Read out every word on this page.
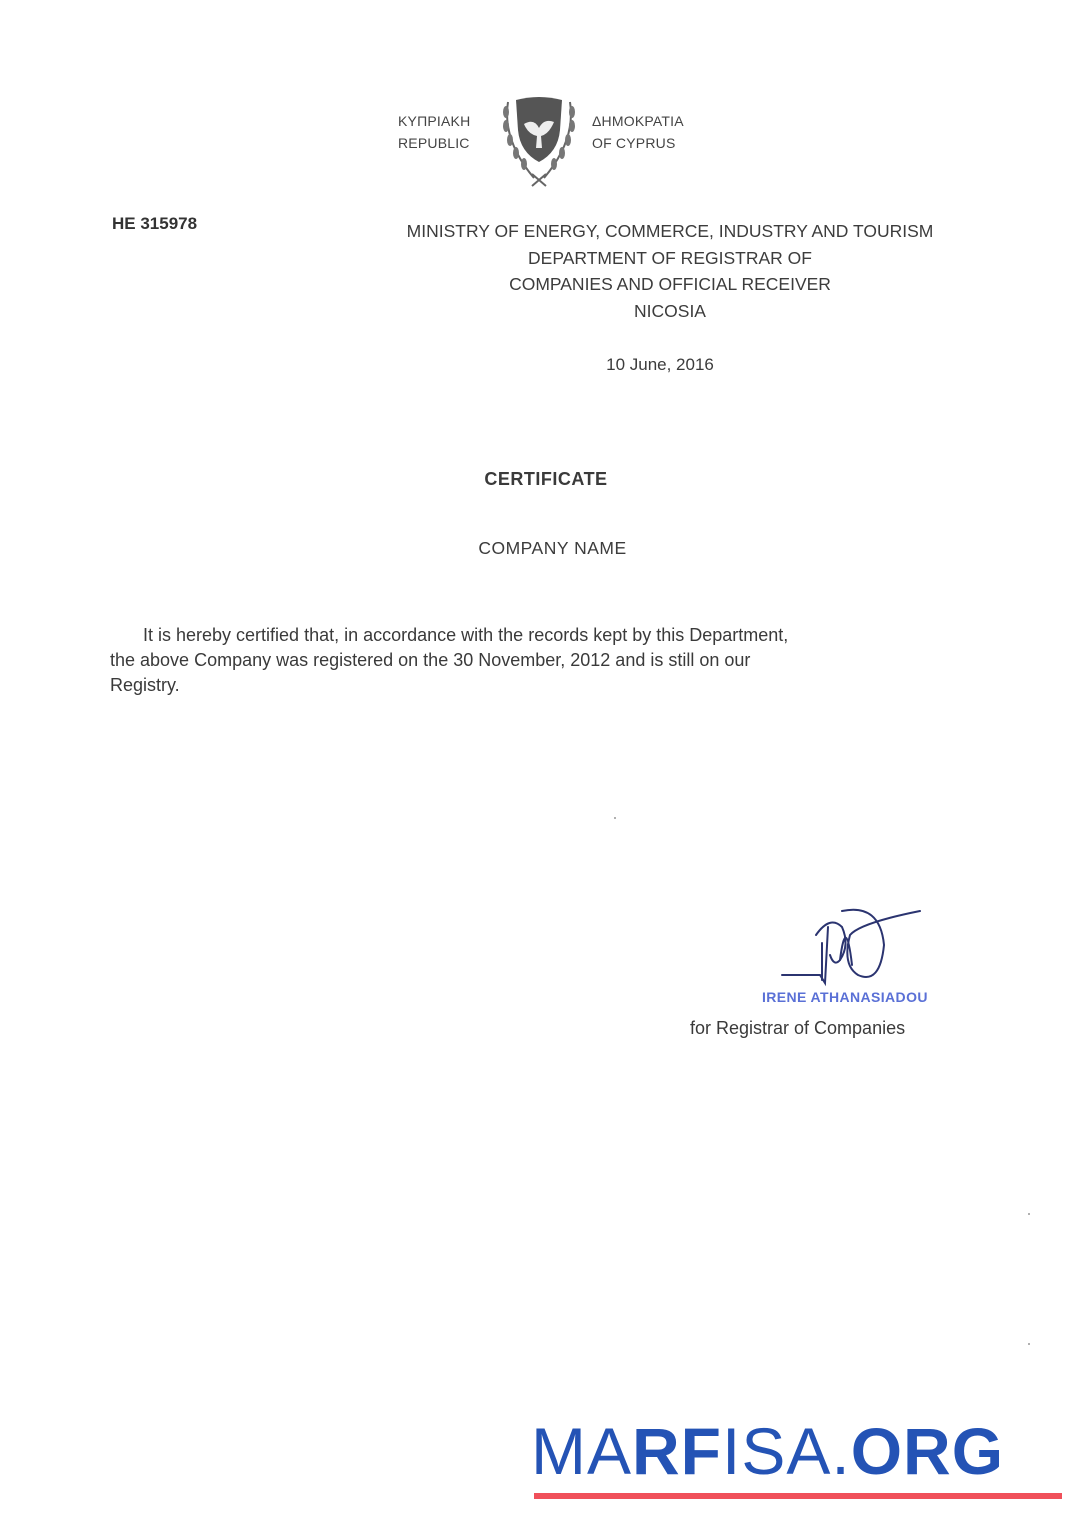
ΚΥΠΡΙΑΚΗ
REPUBLIC
ΔΗΜΟΚΡΑΤΙΑ
OF CYPRUS
HE 315978	MINISTRY OF ENERGY, COMMERCE, INDUSTRY AND TOURISM
DEPARTMENT OF REGISTRAR OF
COMPANIES AND OFFICIAL RECEIVER
NICOSIA
10 June, 2016
CERTIFICATE
COMPANY NAME
It is hereby certified that, in accordance with the records kept by this Department,
the above Company was registered on the 30 November, 2012 and is still on our
Registry.
IRENE ATHANASIADOU
for Registrar of Companies
MARFISA.ORG
